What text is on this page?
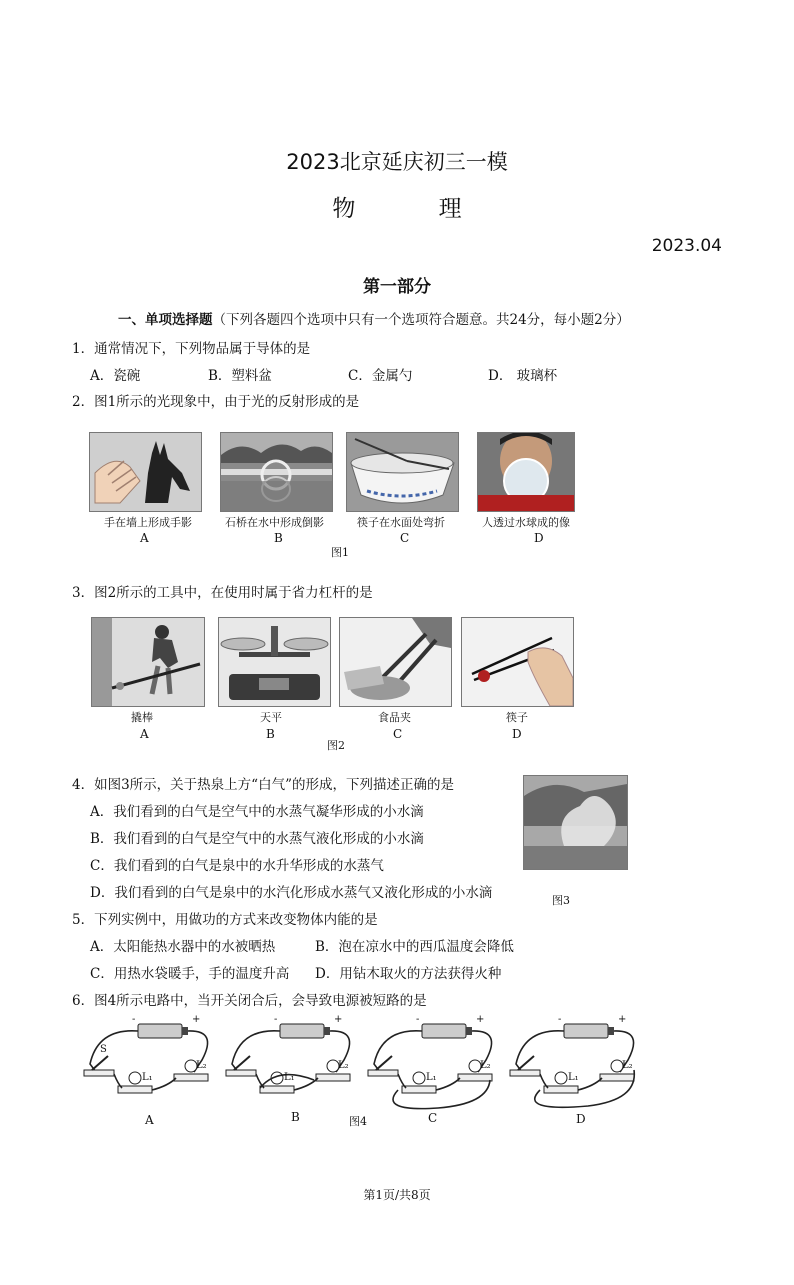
2023北京延庆初三一模
物 理
2023.04
第一部分
一、单项选择题（下列各题四个选项中只有一个选项符合题意。共24分，每小题2分）
1．通常情况下，下列物品属于导体的是
A．瓷碗	B．塑料盆	C．金属勺	D． 玻璃杯
2．图1所示的光现象中，由于光的反射形成的是
手在墙上形成手影	石桥在水中形成倒影	筷子在水面处弯折	人透过水球成的像
A	B	C	D
图1
3．图2所示的工具中，在使用时属于省力杠杆的是
撬棒	天平	食品夹	筷子
A	B	C	D
图2
4．如图3所示，关于热泉上方“白气”的形成，下列描述正确的是
A．我们看到的白气是空气中的水蒸气凝华形成的小水滴
B．我们看到的白气是空气中的水蒸气液化形成的小水滴
C．我们看到的白气是泉中的水升华形成的水蒸气
D．我们看到的白气是泉中的水汽化形成水蒸气又液化形成的小水滴	图3
5．下列实例中，用做功的方式来改变物体内能的是
A．太阳能热水器中的水被晒热	B．泡在凉水中的西瓜温度会降低
C．用热水袋暖手，手的温度升高 D．用钻木取火的方法获得火种
6．图4所示电路中，当开关闭合后，会导致电源被短路的是
-	+
S
L₁
L₂
-	+
L₁
L₂
-	+
L₁
L₂
-	+
L₁
L₂
A	B	C	D
图4
第1页/共8页
